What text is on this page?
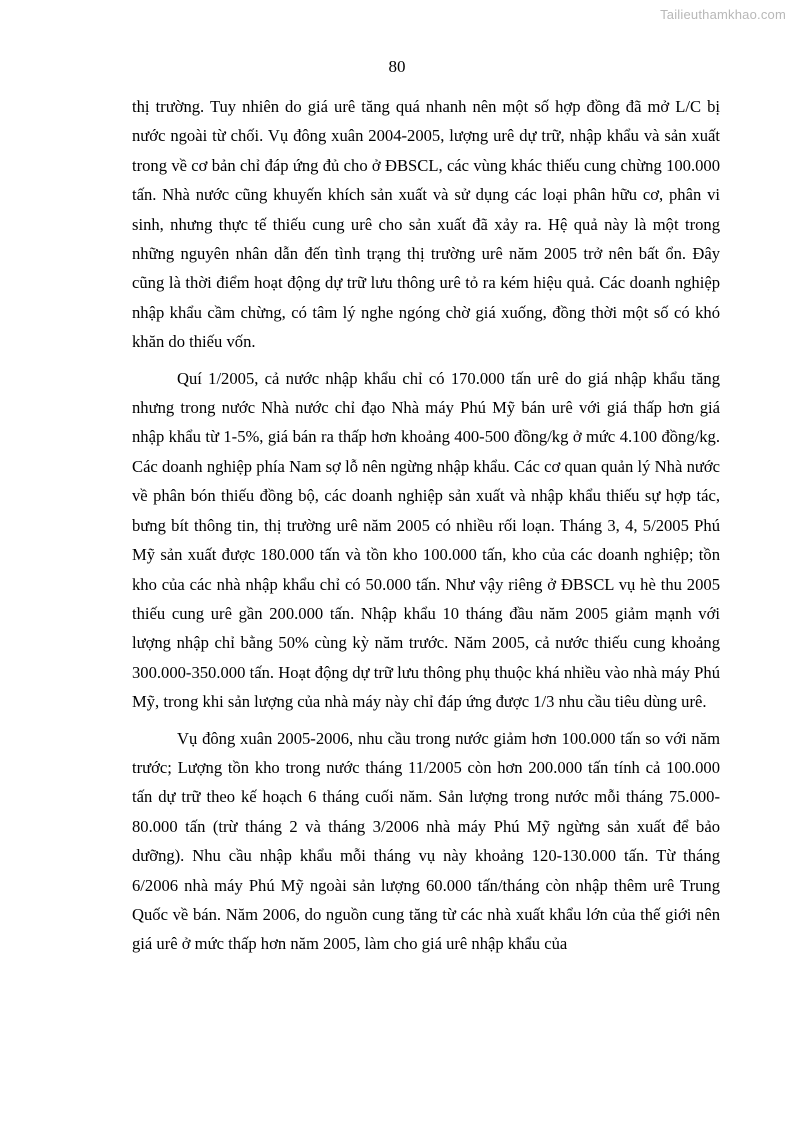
Tailieuthamkhao.com
80

thị trường. Tuy nhiên do giá urê tăng quá nhanh nên một số hợp đồng đã mở L/C bị nước ngoài từ chối. Vụ đông xuân 2004-2005, lượng urê dự trữ, nhập khẩu và sản xuất trong về cơ bản chỉ đáp ứng đủ cho ở ĐBSCL, các vùng khác thiếu cung chừng 100.000 tấn. Nhà nước cũng khuyến khích sản xuất và sử dụng các loại phân hữu cơ, phân vi sinh, nhưng thực tế thiếu cung urê cho sản xuất đã xảy ra. Hệ quả này là một trong những nguyên nhân dẫn đến tình trạng thị trường urê năm 2005 trở nên bất ổn. Đây cũng là thời điểm hoạt động dự trữ lưu thông urê tỏ ra kém hiệu quả. Các doanh nghiệp nhập khẩu cầm chừng, có tâm lý nghe ngóng chờ giá xuống, đồng thời một số có khó khăn do thiếu vốn.

Quí 1/2005, cả nước nhập khẩu chỉ có 170.000 tấn urê do giá nhập khẩu tăng nhưng trong nước Nhà nước chỉ đạo Nhà máy Phú Mỹ bán urê với giá thấp hơn giá nhập khẩu từ 1-5%, giá bán ra thấp hơn khoảng 400-500 đồng/kg ở mức 4.100 đồng/kg. Các doanh nghiệp phía Nam sợ lỗ nên ngừng nhập khẩu. Các cơ quan quản lý Nhà nước về phân bón thiếu đồng bộ, các doanh nghiệp sản xuất và nhập khẩu thiếu sự hợp tác, bưng bít thông tin, thị trường urê năm 2005 có nhiều rối loạn. Tháng 3, 4, 5/2005 Phú Mỹ sản xuất được 180.000 tấn và tồn kho 100.000 tấn, kho của các doanh nghiệp; tồn kho của các nhà nhập khẩu chỉ có 50.000 tấn. Như vậy riêng ở ĐBSCL vụ hè thu 2005 thiếu cung urê gần 200.000 tấn. Nhập khẩu 10 tháng đầu năm 2005 giảm mạnh với lượng nhập chỉ bằng 50% cùng kỳ năm trước. Năm 2005, cả nước thiếu cung khoảng 300.000-350.000 tấn. Hoạt động dự trữ lưu thông phụ thuộc khá nhiều vào nhà máy Phú Mỹ, trong khi sản lượng của nhà máy này chỉ đáp ứng được 1/3 nhu cầu tiêu dùng urê.

Vụ đông xuân 2005-2006, nhu cầu trong nước giảm hơn 100.000 tấn so với năm trước; Lượng tồn kho trong nước tháng 11/2005 còn hơn 200.000 tấn tính cả 100.000 tấn dự trữ theo kế hoạch 6 tháng cuối năm. Sản lượng trong nước mỗi tháng 75.000-80.000 tấn (trừ tháng 2 và tháng 3/2006 nhà máy Phú Mỹ ngừng sản xuất để bảo dưỡng). Nhu cầu nhập khẩu mỗi tháng vụ này khoảng 120-130.000 tấn. Từ tháng 6/2006 nhà máy Phú Mỹ ngoài sản lượng 60.000 tấn/tháng còn nhập thêm urê Trung Quốc về bán. Năm 2006, do nguồn cung tăng từ các nhà xuất khẩu lớn của thế giới nên giá urê ở mức thấp hơn năm 2005, làm cho giá urê nhập khẩu của
